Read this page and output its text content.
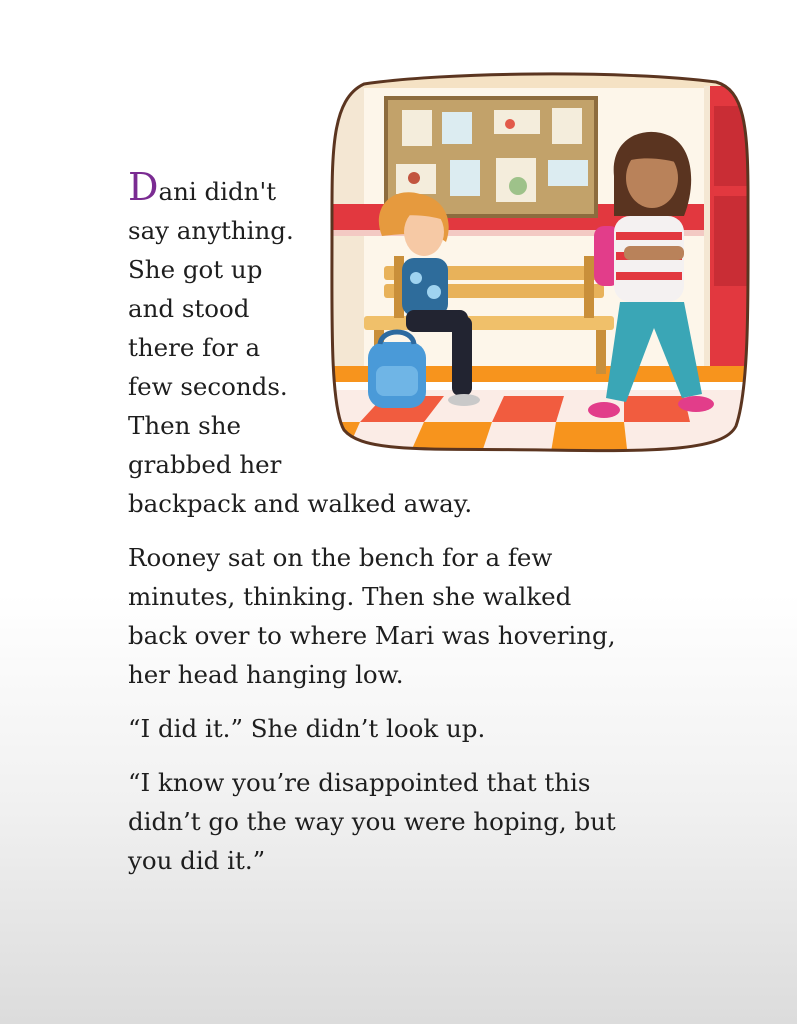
Dani didn't
say anything.
She got up
and stood
there for a
few seconds.
Then she
grabbed her
backpack and walked away.

Rooney sat on the bench for a few
minutes, thinking. Then she walked
back over to where Mari was hovering,
her head hanging low.

“I did it.” She didn’t look up.

“I know you’re disappointed that this
didn’t go the way you were hoping, but
you did it.”
